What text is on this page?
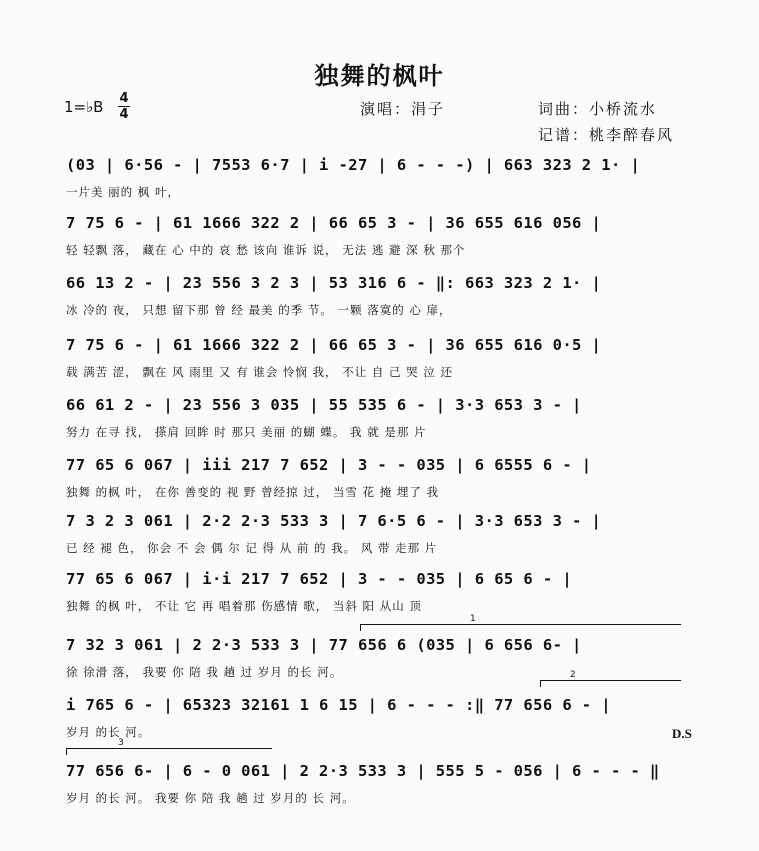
独舞的枫叶
1=♭B 4
4	演唱：涓子	词曲：小桥流水
记谱：桃李醉春风
(03 | 6·56 - | 7553 6·7 | i -27 | 6 - - -) | 663 323 2 1· |
一片美 丽的 枫 叶，
7 75 6 - | 61 1666 322 2 | 66 65 3 - | 36 655 616 056 |
轻 轻飘 落， 藏在 心 中的 哀 愁 该向 谁诉 说， 无法 逃 避 深 秋 那个
66 13 2 - | 23 556 3 2 3 | 53 316 6 - ‖: 663 323 2 1· |
冰 冷的 夜， 只想 留下那 曾 经 最美 的季 节。 一颗 落寞的 心 扉，
7 75 6 - | 61 1666 322 2 | 66 65 3 - | 36 655 616 0·5 |
载 满苦 涩， 飘在 风 雨里 又 有 谁会 怜悯 我， 不让 自 己 哭 泣 还
66 61 2 - | 23 556 3 035 | 55 535 6 - | 3·3 653 3 - |
努力 在寻 找， 搽肩 回眸 时 那只 美丽 的蝴 蝶。 我 就 是那 片
77 65 6 067 | iii 217 7 652 | 3 - - 035 | 6 6555 6 - |
独舞 的枫 叶， 在你 善变的 视 野 曾经掠 过， 当雪 花 掩 埋了 我
7 3 2 3 061 | 2·2 2·3 533 3 | 7 6·5 6 - | 3·3 653 3 - |
已 经 褪 色， 你会 不 会 偶 尔 记 得 从 前 的 我。 风 带 走那 片
77 65 6 067 | i·i 217 7 652 | 3 - - 035 | 6 65 6 - |
独舞 的枫 叶， 不让 它 再 唱着那 伤感情 歌， 当斜 阳 从山 顶
1
7 32 3 061 | 2 2·3 533 3 | 77 656 6 (035 | 6 656 6- |
徐 徐滑 落， 我要 你 陪 我 趟 过 岁月 的长 河。	2
i 765 6 - | 65323 32161 1 6 15 | 6 - - - :‖ 77 656 6 - |
岁月 的长 河。	D.S
3
77 656 6- | 6 - 0 061 | 2 2·3 533 3 | 555 5 - 056 | 6 - - - ‖
岁月 的长 河。 我要 你 陪 我 趟 过 岁月的 长 河。
